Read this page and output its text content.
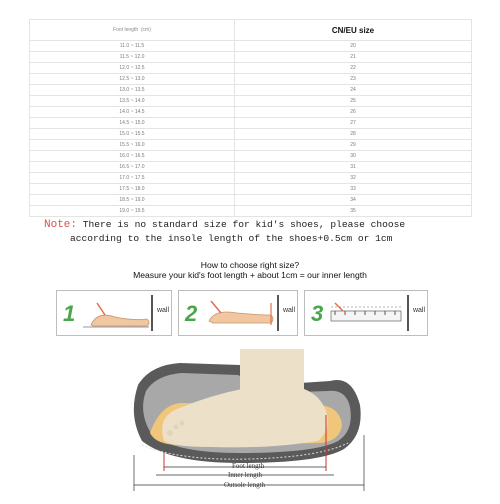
Foot length  (cm)	CN/EU size
11.0 ~ 11.5	20
11.5 ~ 12.0	21
12.0 ~ 12.5	22
12.5 ~ 13.0	23
13.0 ~ 13.5	24
13.5 ~ 14.0	25
14.0 ~ 14.5	26
14.5 ~ 15.0	27
15.0 ~ 15.5	28
15.5 ~ 16.0	29
16.0 ~ 16.5	30
16.5 ~ 17.0	31
17.0 ~ 17.5	32
17.5 ~ 18.0	33
18.5 ~ 19.0	34
19.0 ~ 19.5	35
Note: There is no standard size for kid's shoes, please choose
according to the insole length of the shoes+0.5cm or 1cm
How to choose right size?
Measure your kid's foot length + about 1cm = our inner length
1	wall 2	wall 3	wall
Foot length
Inner length
Outsole length
